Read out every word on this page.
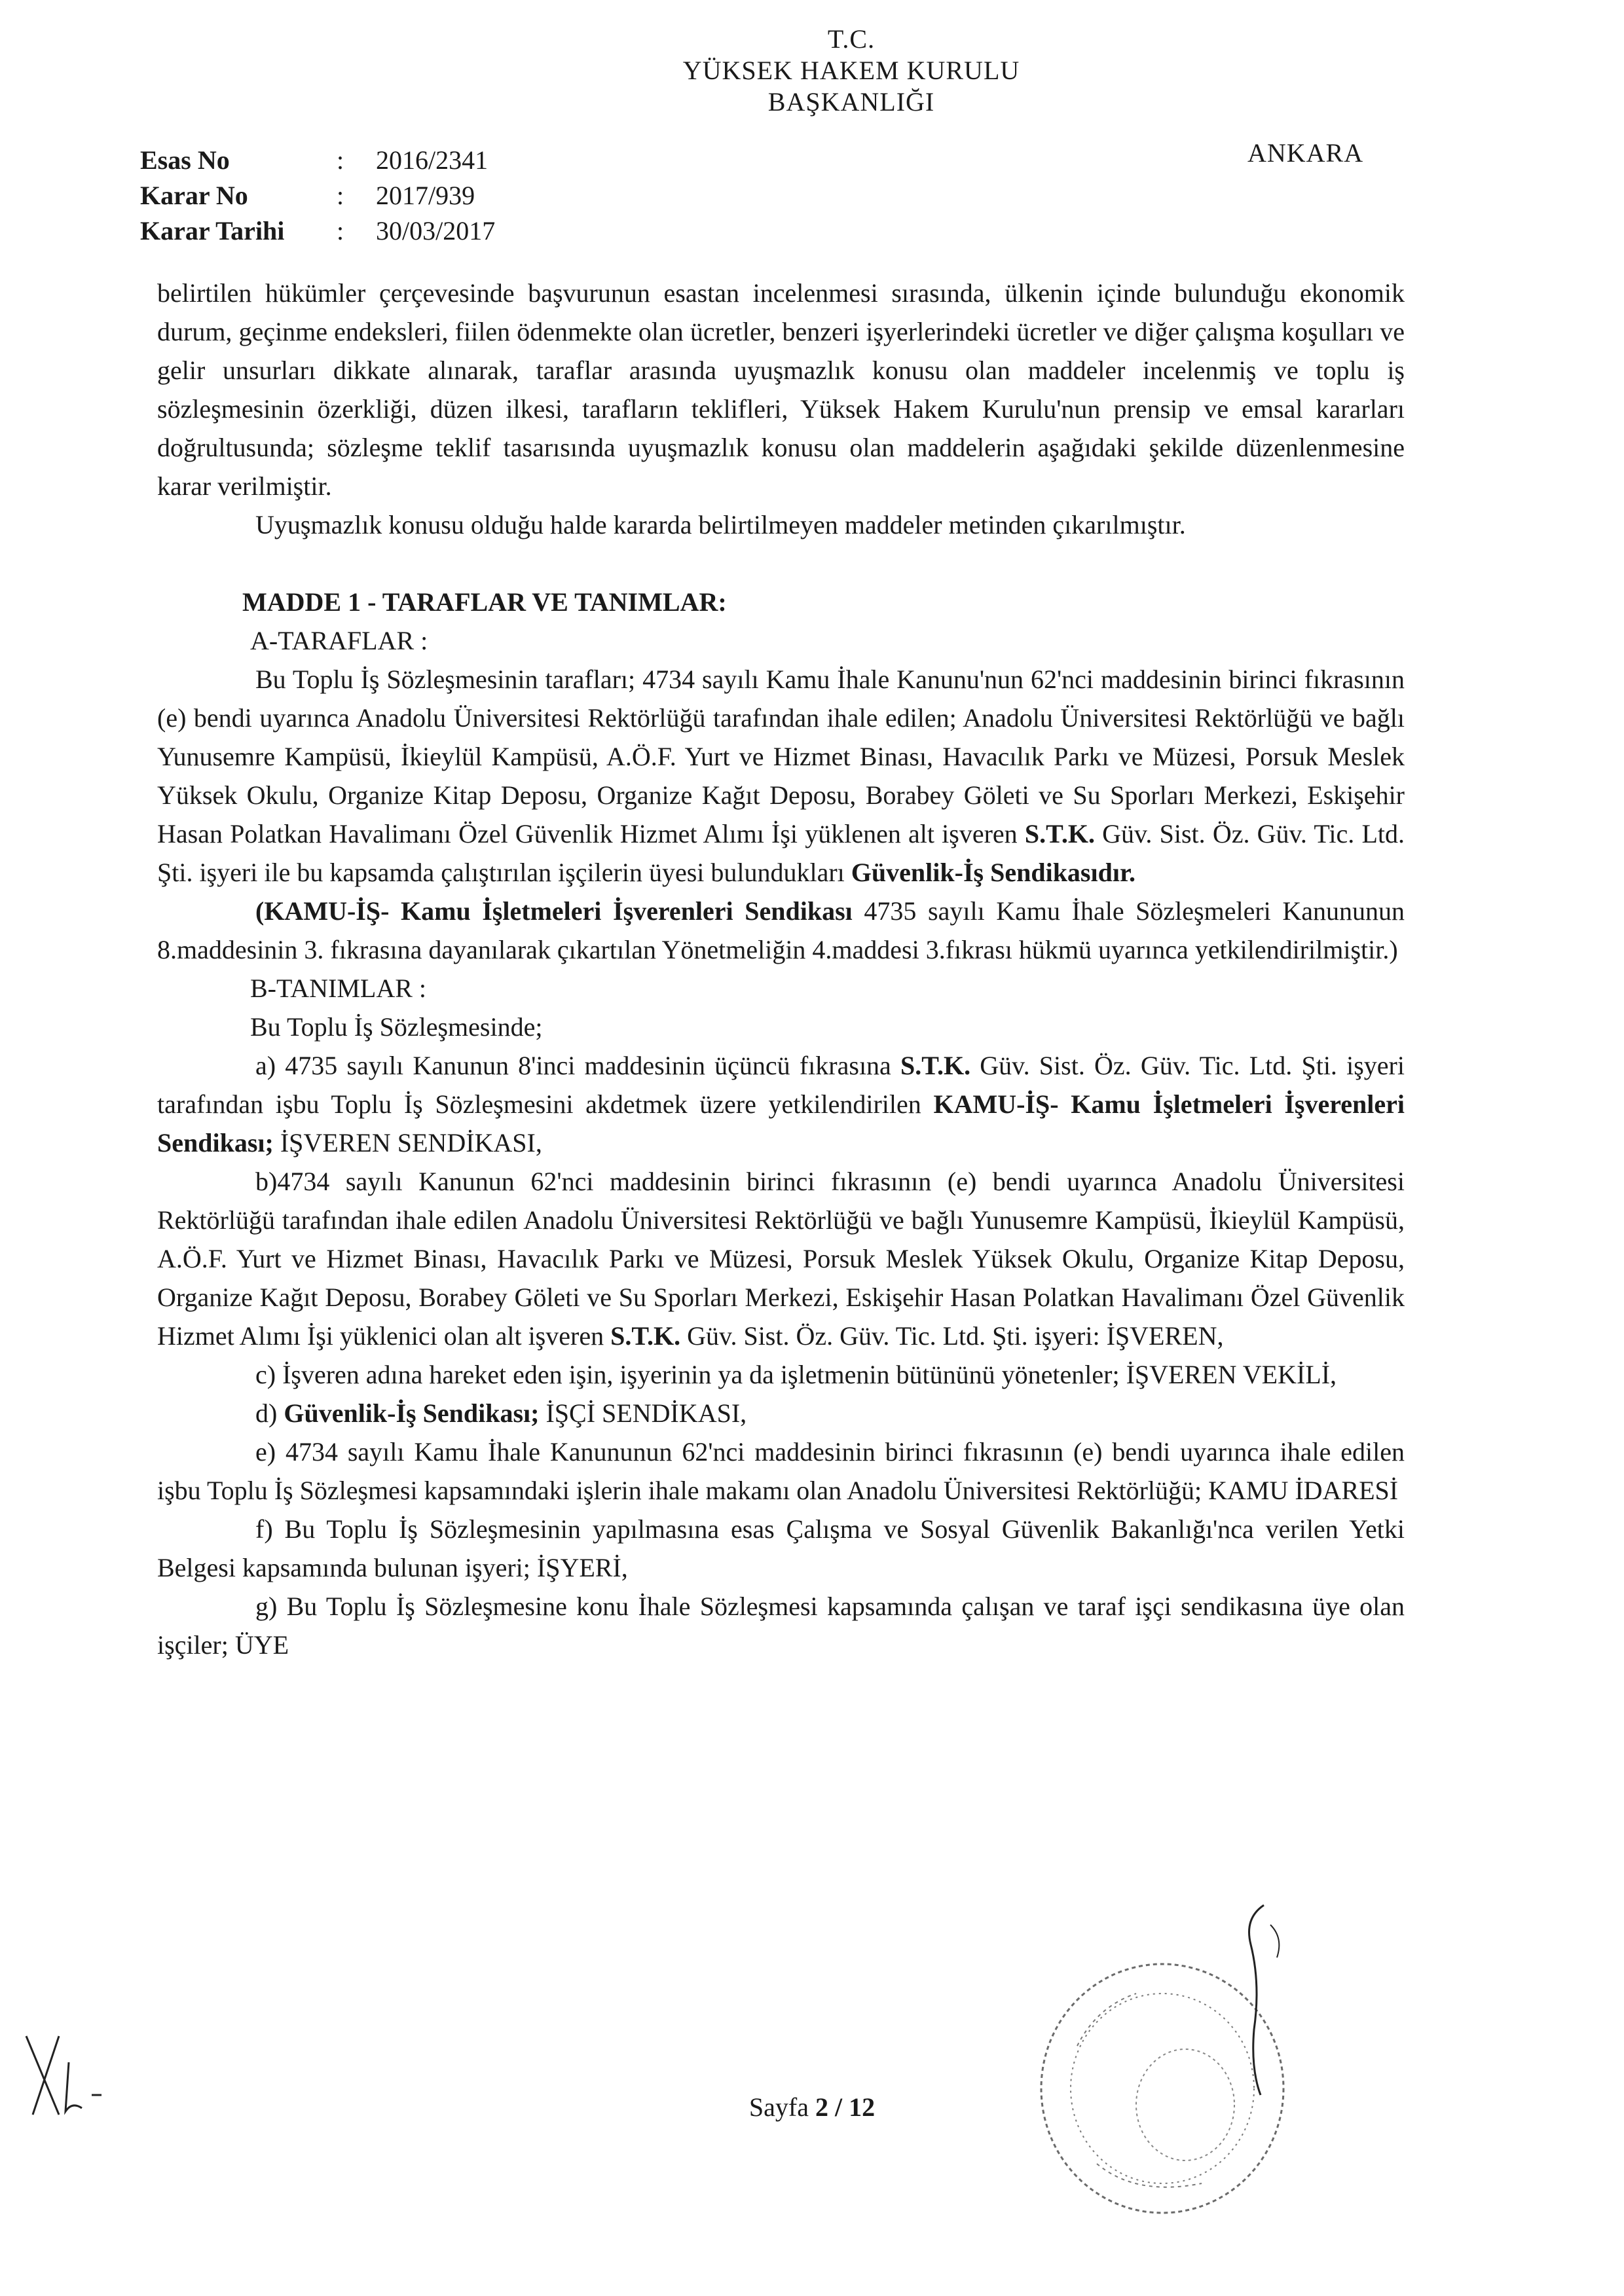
T.C.
YÜKSEK HAKEM KURULU
BAŞKANLIĞI
ANKARA
Esas No	:	2016/2341
Karar No	:	2017/939
Karar Tarihi	:	30/03/2017

belirtilen hükümler çerçevesinde başvurunun esastan incelenmesi sırasında, ülkenin içinde bulunduğu ekonomik durum, geçinme endeksleri, fiilen ödenmekte olan ücretler, benzeri işyerlerindeki ücretler ve diğer çalışma koşulları ve gelir unsurları dikkate alınarak, taraflar arasında uyuşmazlık konusu olan maddeler incelenmiş ve toplu iş sözleşmesinin özerkliği, düzen ilkesi, tarafların teklifleri, Yüksek Hakem Kurulu'nun prensip ve emsal kararları doğrultusunda; sözleşme teklif tasarısında uyuşmazlık konusu olan maddelerin aşağıdaki şekilde düzenlenmesine karar verilmiştir.

Uyuşmazlık konusu olduğu halde kararda belirtilmeyen maddeler metinden çıkarılmıştır.

MADDE 1 - TARAFLAR VE TANIMLAR:

A-TARAFLAR :

Bu Toplu İş Sözleşmesinin tarafları; 4734 sayılı Kamu İhale Kanunu'nun 62'nci maddesinin birinci fıkrasının (e) bendi uyarınca Anadolu Üniversitesi Rektörlüğü tarafından ihale edilen; Anadolu Üniversitesi Rektörlüğü ve bağlı Yunusemre Kampüsü, İkieylül Kampüsü, A.Ö.F. Yurt ve Hizmet Binası, Havacılık Parkı ve Müzesi, Porsuk Meslek Yüksek Okulu, Organize Kitap Deposu, Organize Kağıt Deposu, Borabey Göleti ve Su Sporları Merkezi, Eskişehir Hasan Polatkan Havalimanı Özel Güvenlik Hizmet Alımı İşi yüklenen alt işveren S.T.K. Güv. Sist. Öz. Güv. Tic. Ltd. Şti. işyeri ile bu kapsamda çalıştırılan işçilerin üyesi bulundukları Güvenlik-İş Sendikasıdır.

(KAMU-İŞ- Kamu İşletmeleri İşverenleri Sendikası 4735 sayılı Kamu İhale Sözleşmeleri Kanununun 8.maddesinin 3. fıkrasına dayanılarak çıkartılan Yönetmeliğin 4.maddesi 3.fıkrası hükmü uyarınca yetkilendirilmiştir.)

B-TANIMLAR :

Bu Toplu İş Sözleşmesinde;

a) 4735 sayılı Kanunun 8'inci maddesinin üçüncü fıkrasına S.T.K. Güv. Sist. Öz. Güv. Tic. Ltd. Şti. işyeri tarafından işbu Toplu İş Sözleşmesini akdetmek üzere yetkilendirilen KAMU-İŞ- Kamu İşletmeleri İşverenleri Sendikası; İŞVEREN SENDİKASI,

b)4734 sayılı Kanunun 62'nci maddesinin birinci fıkrasının (e) bendi uyarınca Anadolu Üniversitesi Rektörlüğü tarafından ihale edilen Anadolu Üniversitesi Rektörlüğü ve bağlı Yunusemre Kampüsü, İkieylül Kampüsü, A.Ö.F. Yurt ve Hizmet Binası, Havacılık Parkı ve Müzesi, Porsuk Meslek Yüksek Okulu, Organize Kitap Deposu, Organize Kağıt Deposu, Borabey Göleti ve Su Sporları Merkezi, Eskişehir Hasan Polatkan Havalimanı Özel Güvenlik Hizmet Alımı İşi yüklenici olan alt işveren S.T.K. Güv. Sist. Öz. Güv. Tic. Ltd. Şti. işyeri: İŞVEREN,

c) İşveren adına hareket eden işin, işyerinin ya da işletmenin bütününü yönetenler; İŞVEREN VEKİLİ,

d) Güvenlik-İş Sendikası; İŞÇİ SENDİKASI,

e) 4734 sayılı Kamu İhale Kanununun 62'nci maddesinin birinci fıkrasının (e) bendi uyarınca ihale edilen işbu Toplu İş Sözleşmesi kapsamındaki işlerin ihale makamı olan Anadolu Üniversitesi Rektörlüğü; KAMU İDARESİ

f) Bu Toplu İş Sözleşmesinin yapılmasına esas Çalışma ve Sosyal Güvenlik Bakanlığı'nca verilen Yetki Belgesi kapsamında bulunan işyeri; İŞYERİ,

g) Bu Toplu İş Sözleşmesine konu İhale Sözleşmesi kapsamında çalışan ve taraf işçi sendikasına üye olan işçiler; ÜYE

Sayfa 2 / 12
